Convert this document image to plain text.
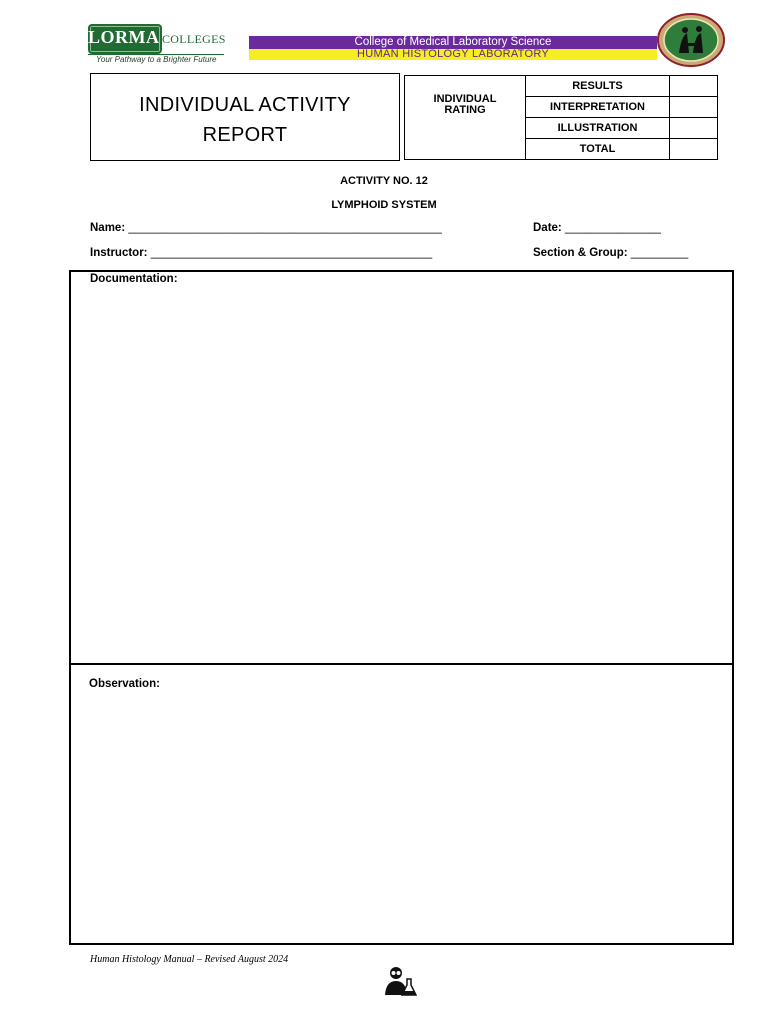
LORMA COLLEGES
Your Pathway to a Brighter Future
College of Medical Laboratory Science
HUMAN HISTOLOGY LABORATORY
INDIVIDUAL ACTIVITY
REPORT
INDIVIDUAL
RATING	RESULTS	
	INTERPRETATION	
	ILLUSTRATION	
	TOTAL	
ACTIVITY NO. 12
LYMPHOID SYSTEM
Name: _________________________________________________	Date: _______________
Instructor: ____________________________________________	Section & Group: _________
Documentation:
Observation:
Human Histology Manual – Revised August 2024
